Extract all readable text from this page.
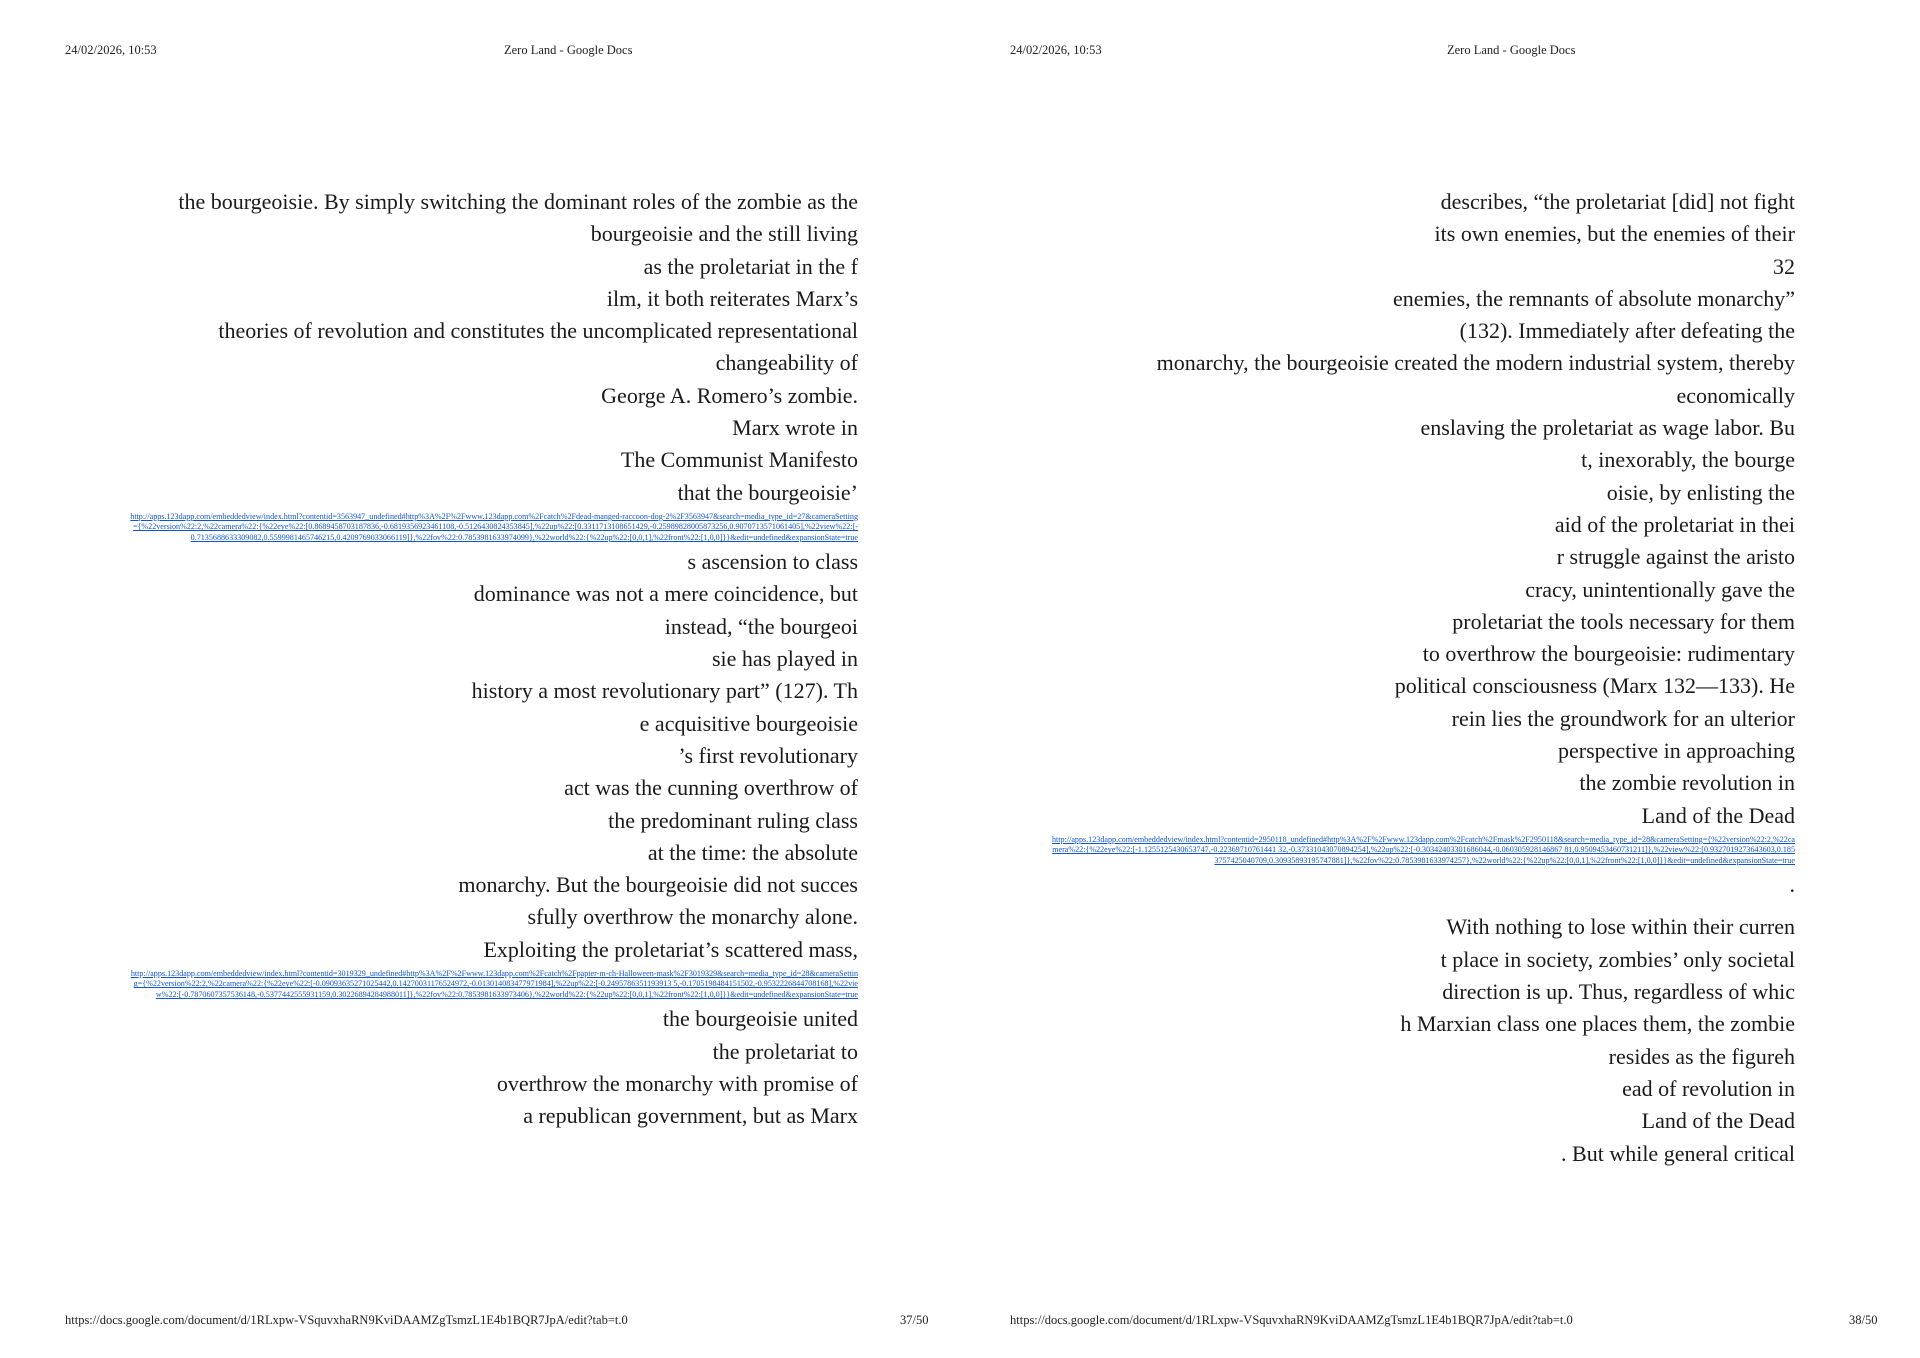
24/02/2026, 10:53	Zero Land - Google Docs
the bourgeoisie. By simply switching the dominant roles of the zombie as the
bourgeoisie and the still living
as the proletariat in the f
ilm, it both reiterates Marx’s
theories of revolution and constitutes the uncomplicated representational
changeability of
George A. Romero’s zombie.
Marx wrote in
The Communist Manifesto
that the bourgeoisie’
http://apps.123dapp.com/embeddedview/index.html?contentid=3563947_undefined#http%3A%2F%2Fwww.123dapp.com%2Fcatch%2Fdead-manged-raccoon-dog-2%2F3563947&search=media_type_id=27&cameraSetting={%22version%22:2,%22camera%22:{%22eye%22:[0.8689458703187836,-0.6819356923461108,-0.5126430824353845],%22up%22:[0.3311713108651429,-0.25989828005873256,0.9070713571061405],%22view%22:[-0.7135688633309082,0.5599981465746215,0.4209769033066119]},%22fov%22:0.7853981633974099},%22world%22:{%22up%22:[0,0,1],%22front%22:[1,0,0]}}&edit=undefined&expansionState=true
s ascension to class
dominance was not a mere coincidence, but
instead, “the bourgeoi
sie has played in
history a most revolutionary part” (127). Th
e acquisitive bourgeoisie
’s first revolutionary
act was the cunning overthrow of
the predominant ruling class
at the time: the absolute
monarchy. But the bourgeoisie did not succes
sfully overthrow the monarchy alone.
Exploiting the proletariat’s scattered mass,
http://apps.123dapp.com/embeddedview/index.html?contentid=3019329_undefined#http%3A%2F%2Fwww.123dapp.com%2Fcatch%2Fpapier-m-ch-Halloween-mask%2F3019329&search=media_type_id=28&cameraSetting={%22version%22:2,%22camera%22:{%22eye%22:[-0.09093635271025442,0.14270031176524972,-0.013014083477971984],%22up%22:[-0.2495786351193913 5,-0.1705198484151502,-0.9532226844708168],%22view%22:[-0.7870607357536148,-0.5377442555931159,0.30226894284988011]},%22fov%22:0.7853981633973406},%22world%22:{%22up%22:[0,0,1],%22front%22:[1,0,0]}}&edit=undefined&expansionState=true
the bourgeoisie united
the proletariat to
overthrow the monarchy with promise of
a republican government, but as Marx
https://docs.google.com/document/d/1RLxpw-VSquvxhaRN9KviDAAMZgTsmzL1E4b1BQR7JpA/edit?tab=t.0	37/50
24/02/2026, 10:53	Zero Land - Google Docs
describes, “the proletariat [did] not fight
its own enemies, but the enemies of their
32
enemies, the remnants of absolute monarchy”
(132). Immediately after defeating the
monarchy, the bourgeoisie created the modern industrial system, thereby
economically
enslaving the proletariat as wage labor. Bu
t, inexorably, the bourge
oisie, by enlisting the
aid of the proletariat in thei
r struggle against the aristo
cracy, unintentionally gave the
proletariat the tools necessary for them
to overthrow the bourgeoisie: rudimentary
political consciousness (Marx 132—133). He
rein lies the groundwork for an ulterior
perspective in approaching
the zombie revolution in
Land of the Dead
http://apps.123dapp.com/embeddedview/index.html?contentid=2950118_undefined#http%3A%2F%2Fwww.123dapp.com%2Fcatch%2Fmask%2F2950118&search=media_type_id=28&cameraSetting={%22version%22:2,%22camera%22:{%22eye%22:[-1.1255125430653747,-0.22369710761441 32,-0.37331043070894254],%22up%22:[-0.30342403301686044,-0.060305928146867 81,0.9509453460731211]},%22view%22:[0.9327019273643603,0.1853757425040709,0.30935893195747881]},%22fov%22:0.7853981633974257},%22world%22:{%22up%22:[0,0,1],%22front%22:[1,0,0]}}&edit=undefined&expansionState=true
.
With nothing to lose within their curren
t place in society, zombies’ only societal
direction is up. Thus, regardless of whic
h Marxian class one places them, the zombie
resides as the figureh
ead of revolution in
Land of the Dead
. But while general critical
https://docs.google.com/document/d/1RLxpw-VSquvxhaRN9KviDAAMZgTsmzL1E4b1BQR7JpA/edit?tab=t.0	38/50
